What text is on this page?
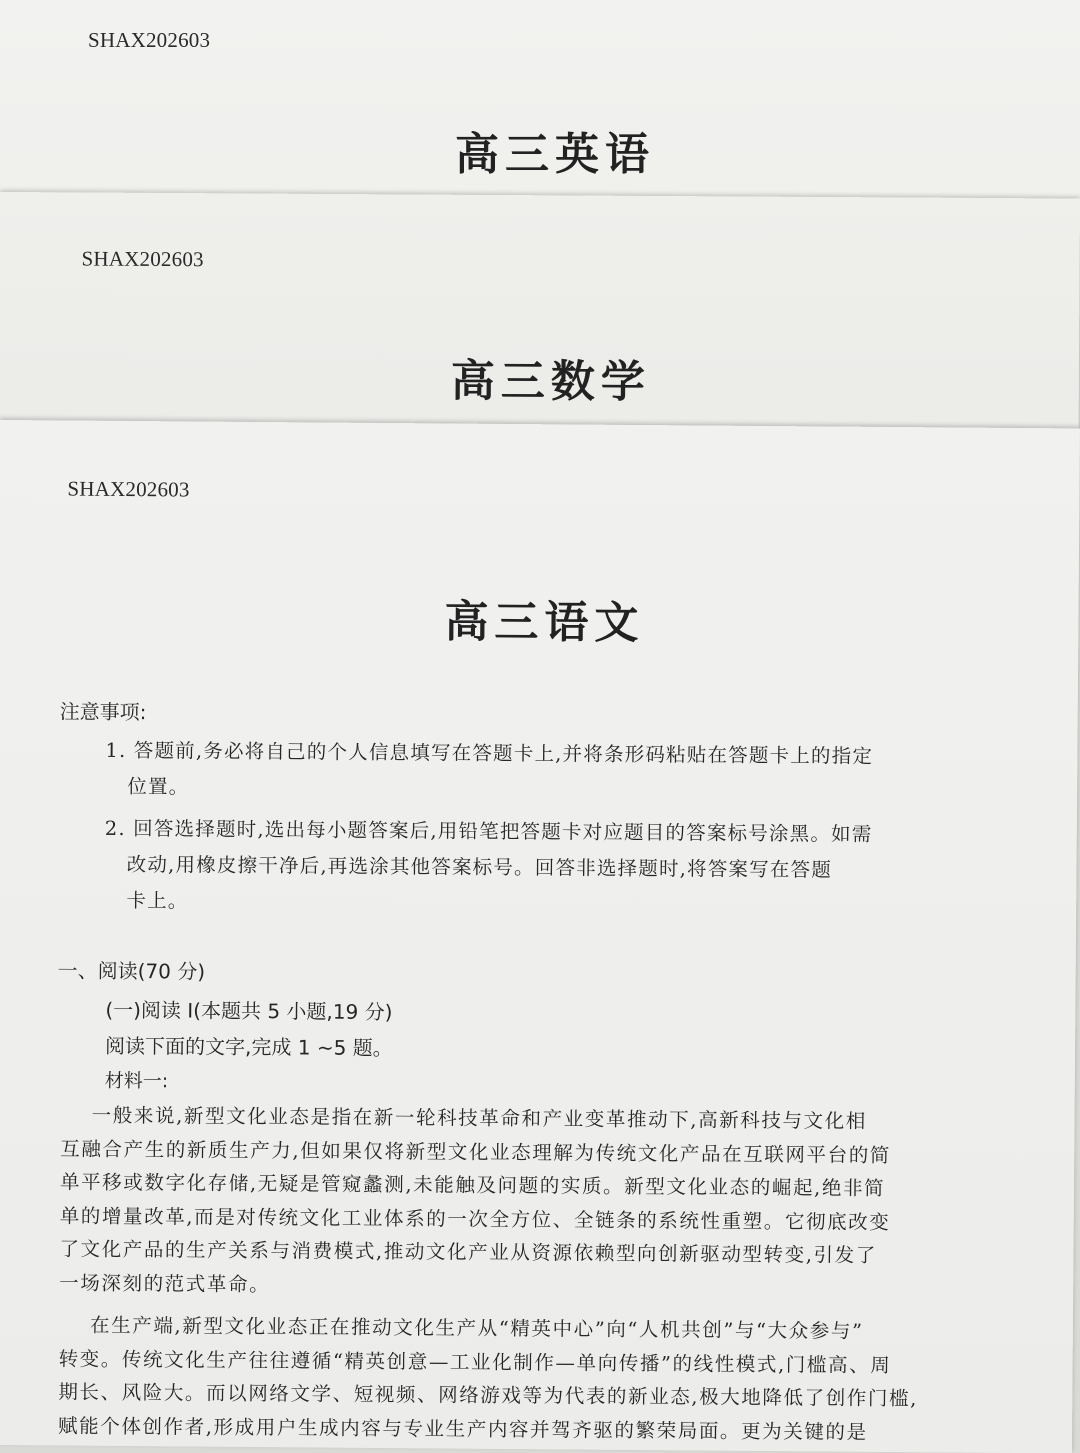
SHAX202603
高三英语
SHAX202603
高三数学
SHAX202603
高三语文
注意事项:
1. 答题前,务必将自己的个人信息填写在答题卡上,并将条形码粘贴在答题卡上的指定
位置。
2. 回答选择题时,选出每小题答案后,用铅笔把答题卡对应题目的答案标号涂黑。如需
改动,用橡皮擦干净后,再选涂其他答案标号。回答非选择题时,将答案写在答题
卡上。
一、阅读(70 分)
(一)阅读 I(本题共 5 小题,19 分)
阅读下面的文字,完成 1 ~5 题。
材料一:
一般来说,新型文化业态是指在新一轮科技革命和产业变革推动下,高新科技与文化相
互融合产生的新质生产力,但如果仅将新型文化业态理解为传统文化产品在互联网平台的简
单平移或数字化存储,无疑是管窥蠡测,未能触及问题的实质。新型文化业态的崛起,绝非简
单的增量改革,而是对传统文化工业体系的一次全方位、全链条的系统性重塑。它彻底改变
了文化产品的生产关系与消费模式,推动文化产业从资源依赖型向创新驱动型转变,引发了
一场深刻的范式革命。
在生产端,新型文化业态正在推动文化生产从“精英中心”向“人机共创”与“大众参与”
转变。传统文化生产往往遵循“精英创意—工业化制作—单向传播”的线性模式,门槛高、周
期长、风险大。而以网络文学、短视频、网络游戏等为代表的新业态,极大地降低了创作门槛,
赋能个体创作者,形成用户生成内容与专业生产内容并驾齐驱的繁荣局面。更为关键的是
